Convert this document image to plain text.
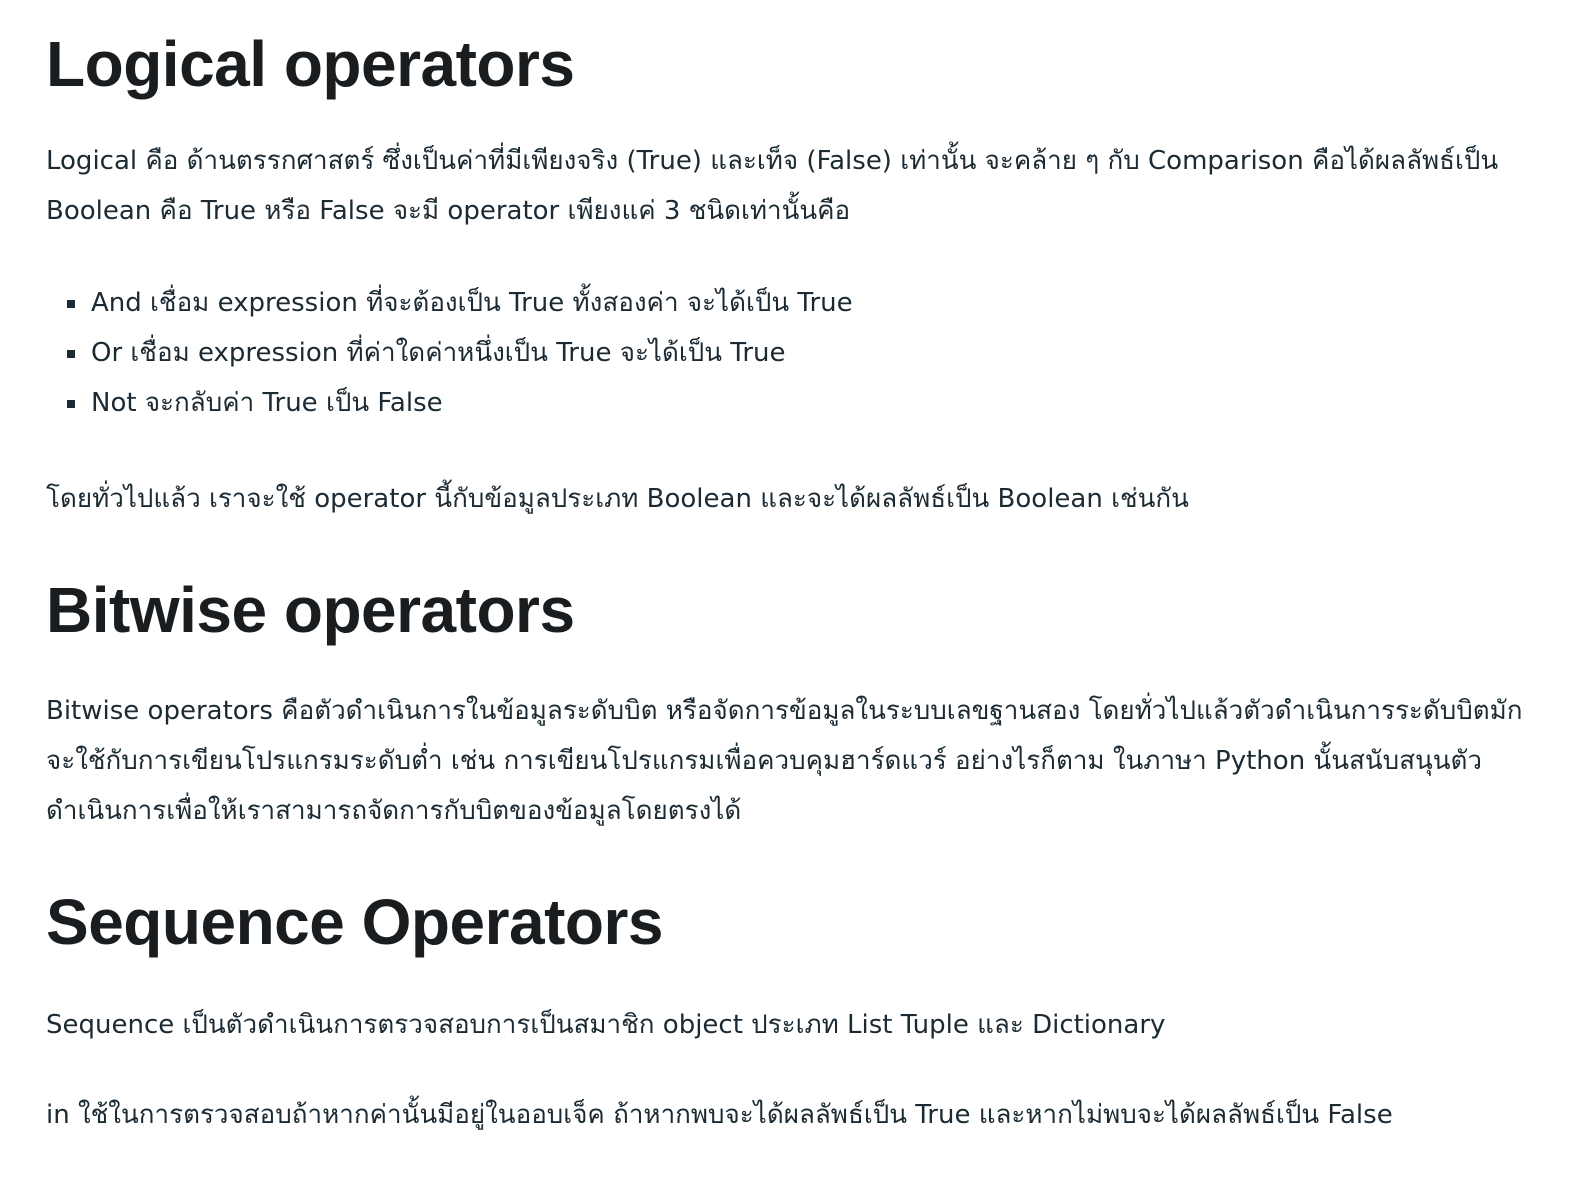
Logical operators

Logical คือ ด้านตรรกศาสตร์ ซึ่งเป็นค่าที่มีเพียงจริง (True) และเท็จ (False) เท่านั้น จะคล้าย ๆ กับ Comparison คือได้ผลลัพธ์เป็น Boolean คือ True หรือ False จะมี operator เพียงแค่ 3 ชนิดเท่านั้นคือ

And เชื่อม expression ที่จะต้องเป็น True ทั้งสองค่า จะได้เป็น True
Or เชื่อม expression ที่ค่าใดค่าหนึ่งเป็น True จะได้เป็น True
Not จะกลับค่า True เป็น False

โดยทั่วไปแล้ว เราจะใช้ operator นี้กับข้อมูลประเภท Boolean และจะได้ผลลัพธ์เป็น Boolean เช่นกัน

Bitwise operators

Bitwise operators คือตัวดำเนินการในข้อมูลระดับบิต หรือจัดการข้อมูลในระบบเลขฐานสอง โดยทั่วไปแล้วตัวดำเนินการระดับบิตมักจะใช้กับการเขียนโปรแกรมระดับต่ำ เช่น การเขียนโปรแกรมเพื่อควบคุมฮาร์ดแวร์ อย่างไรก็ตาม ในภาษา Python นั้นสนับสนุนตัวดำเนินการเพื่อให้เราสามารถจัดการกับบิตของข้อมูลโดยตรงได้

Sequence Operators

Sequence เป็นตัวดำเนินการตรวจสอบการเป็นสมาชิก object ประเภท List Tuple และ Dictionary

in ใช้ในการตรวจสอบถ้าหากค่านั้นมีอยู่ในออบเจ็ค ถ้าหากพบจะได้ผลลัพธ์เป็น True และหากไม่พบจะได้ผลลัพธ์เป็น False
